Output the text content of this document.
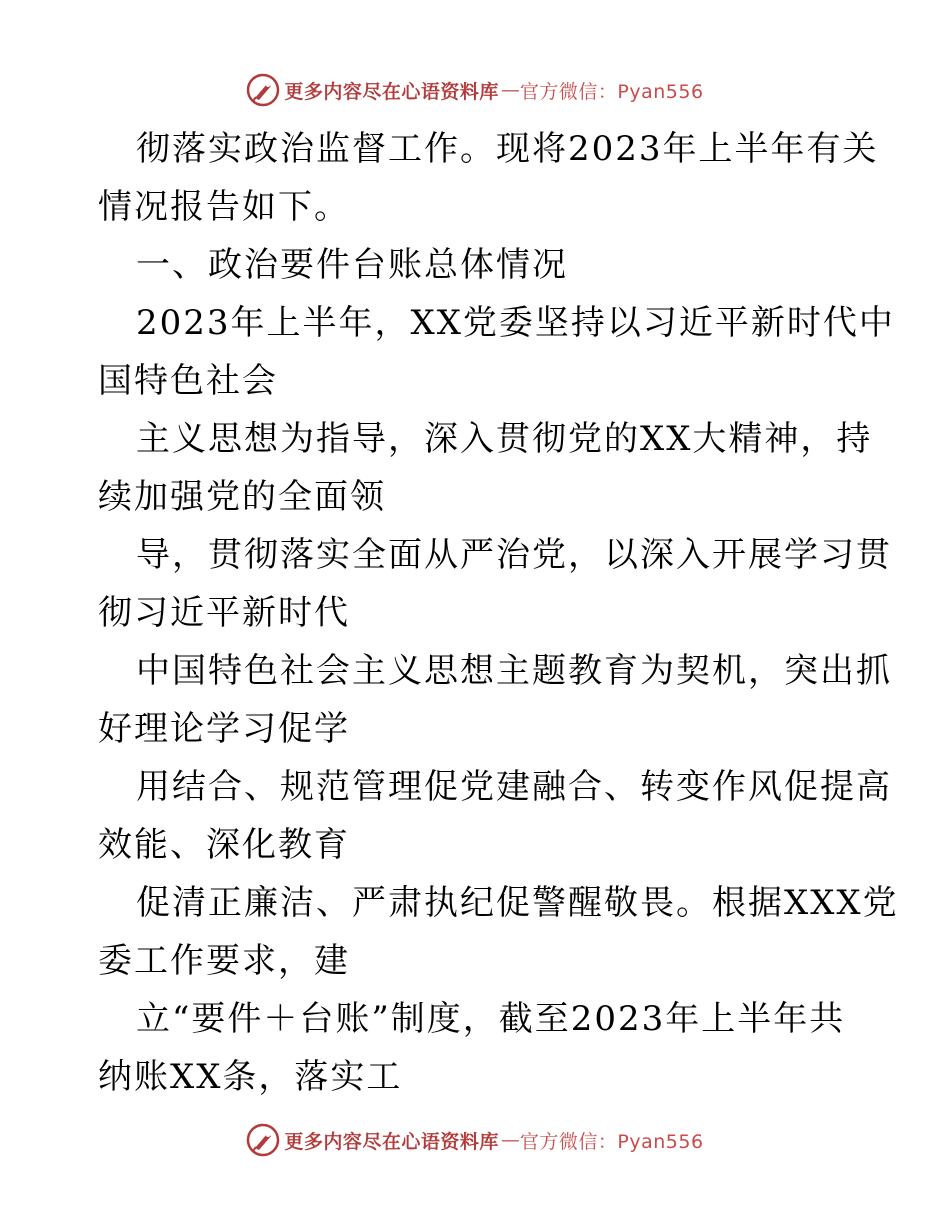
更多内容尽在心语资料库 — 官方微信：Pyan556
彻落实政治监督工作。现将2023年上半年有关
情况报告如下。
一、政治要件台账总体情况
2023年上半年，XX党委坚持以习近平新时代中
国特色社会
主义思想为指导，深入贯彻党的XX大精神，持
续加强党的全面领
导，贯彻落实全面从严治党，以深入开展学习贯
彻习近平新时代
中国特色社会主义思想主题教育为契机，突出抓
好理论学习促学
用结合、规范管理促党建融合、转变作风促提高
效能、深化教育
促清正廉洁、严肃执纪促警醒敬畏。根据XXX党
委工作要求，建
立“要件＋台账”制度，截至2023年上半年共
纳账XX条，落实工
更多内容尽在心语资料库 — 官方微信：Pyan556
